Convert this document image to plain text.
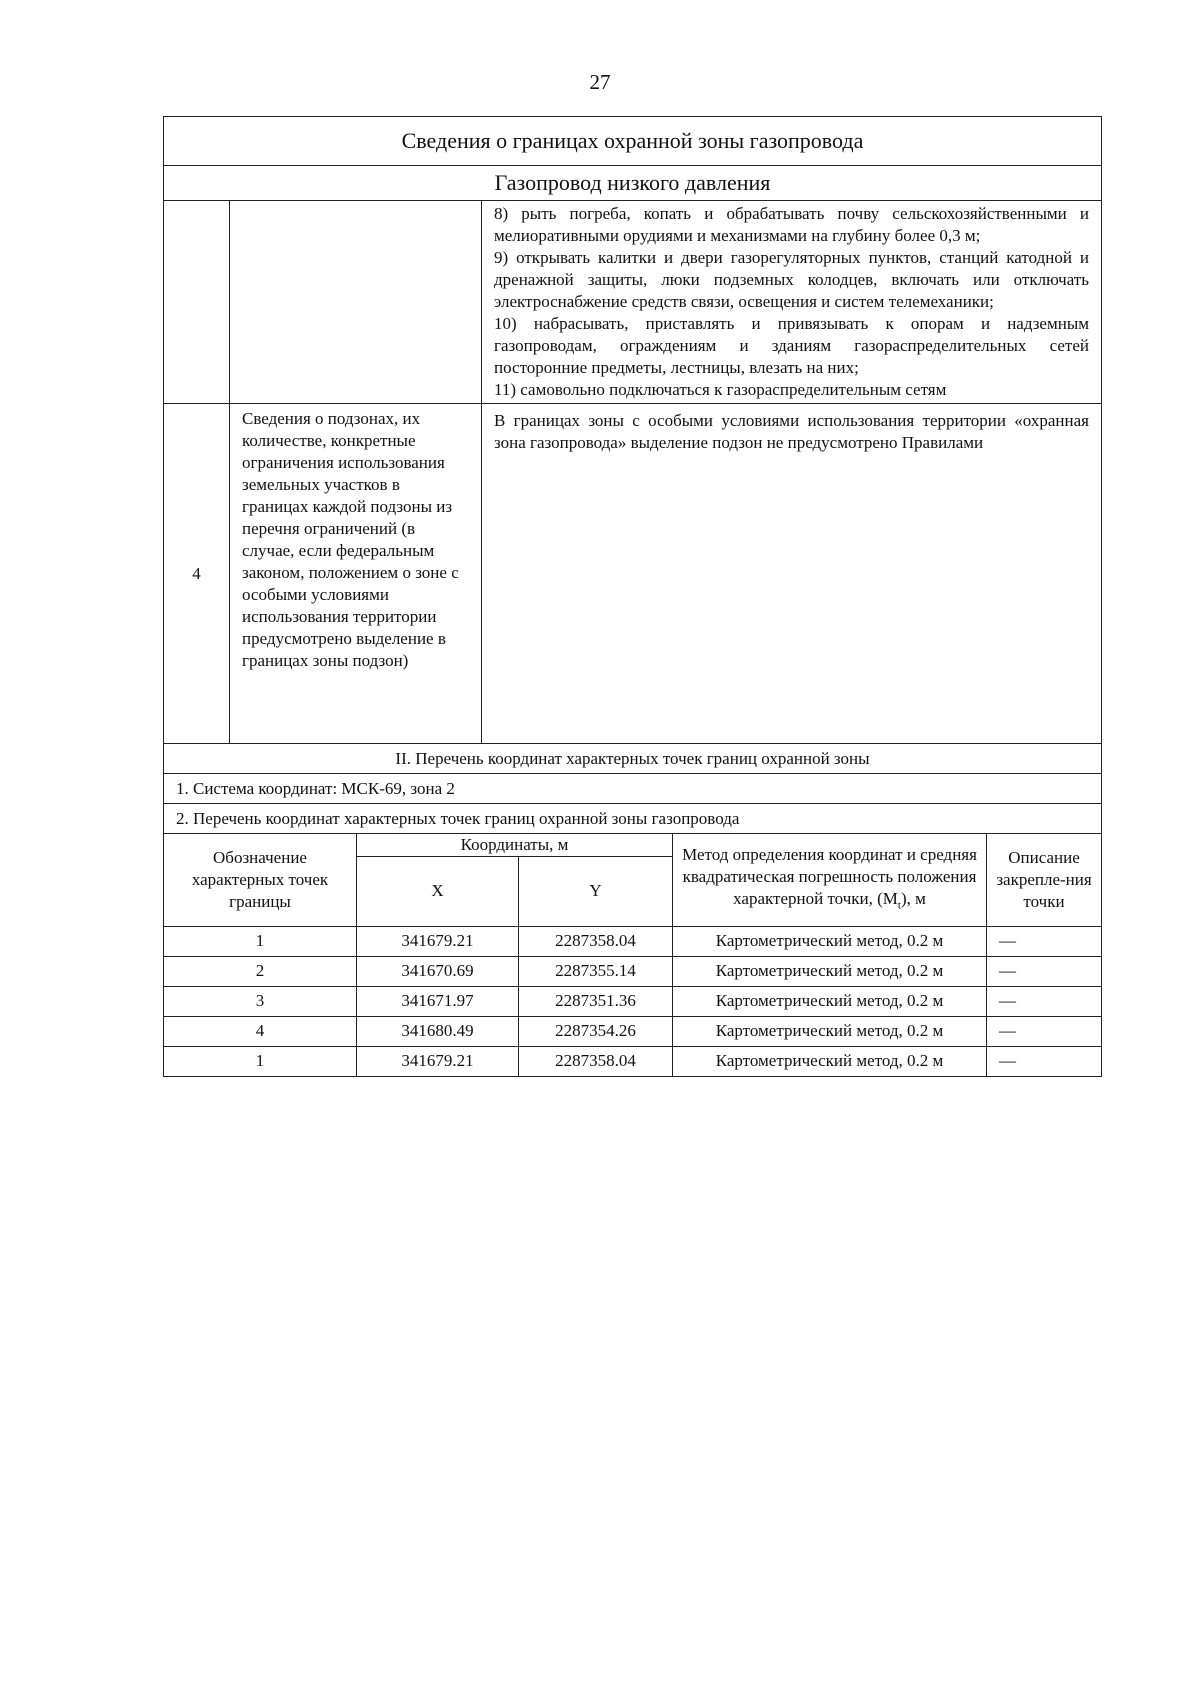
27
Сведения о границах охранной зоны газопровода		
Газопровод низкого давления		

		8) рыть погреба, копать и обрабатывать почву сельскохозяйственными и мелиоративными орудиями и механизмами на глубину более 0,3 м;

9) открывать калитки и двери газорегуляторных пунктов, станций катодной и дренажной защиты, люки подземных колодцев, включать или отключать электроснабжение средств связи, освещения и систем телемеханики;

10) набрасывать, приставлять и привязывать к опорам и надземным газопроводам, ограждениям и зданиям газораспределительных сетей посторонние предметы, лестницы, влезать на них;

11) самовольно подключаться к газораспределительным сетям

4	Сведения о подзонах, их количестве, конкретные ограничения использования земельных участков в границах каждой подзоны из перечня ограничений (в случае, если федеральным законом, положением о зоне с особыми условиями использования территории предусмотрено выделение в границах зоны подзон)	В границах зоны с особыми условиями использования территории «охранная зона газопровода» выделение подзон не предусмотрено Правилами
II. Перечень координат характерных точек границ охранной зоны		
1. Система координат: МСК-69, зона 2		
2. Перечень координат характерных точек границ охранной зоны газопровода		
Обозначение характерных точек границы	Координаты, м		Метод определения координат и средняя квадратическая погрешность положения характерной точки, $(M_t)$, м	Описание закрепле-ния точки
	X	Y		
1	341679.21	2287358.04	Картометрический метод, 0.2 м	—
2	341670.69	2287355.14	Картометрический метод, 0.2 м	—
3	341671.97	2287351.36	Картометрический метод, 0.2 м	—
4	341680.49	2287354.26	Картометрический метод, 0.2 м	—
1	341679.21	2287358.04	Картометрический метод, 0.2 м	—
